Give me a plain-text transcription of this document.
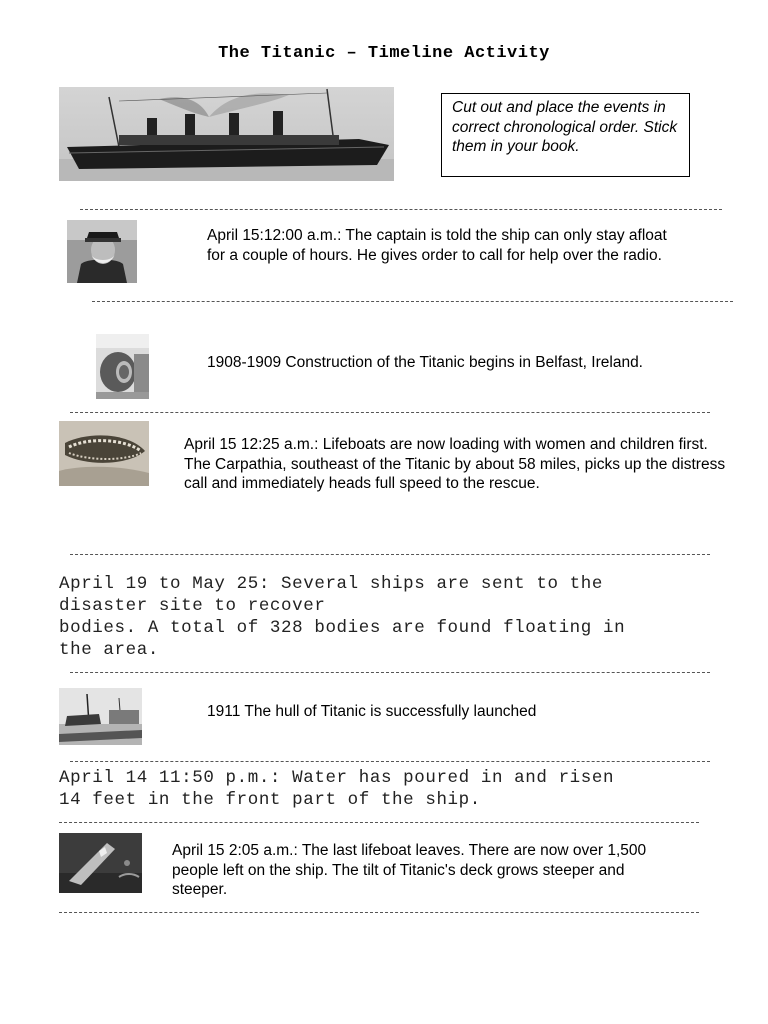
The Titanic – Timeline Activity
Cut out and place the events in correct chronological order. Stick them in your book.
April 15:12:00 a.m.: The captain is told the ship can only stay afloat for a couple of hours. He gives order to call for help over the radio.
1908-1909 Construction of the Titanic begins in Belfast, Ireland.
April 15 12:25 a.m.: Lifeboats are now loading with women and children first. The Carpathia, southeast of the Titanic by about 58 miles, picks up the distress call and immediately heads full speed to the rescue.
April 19 to May 25: Several ships are sent to the
disaster site to recover
bodies. A total of 328 bodies are found floating in
the area.
1911 The hull of Titanic is successfully launched
April 14 11:50 p.m.: Water has poured in and risen
14 feet in the front part of the ship.
April 15 2:05 a.m.: The last lifeboat leaves. There are now over 1,500 people left on the ship. The tilt of Titanic's deck grows steeper and steeper.
